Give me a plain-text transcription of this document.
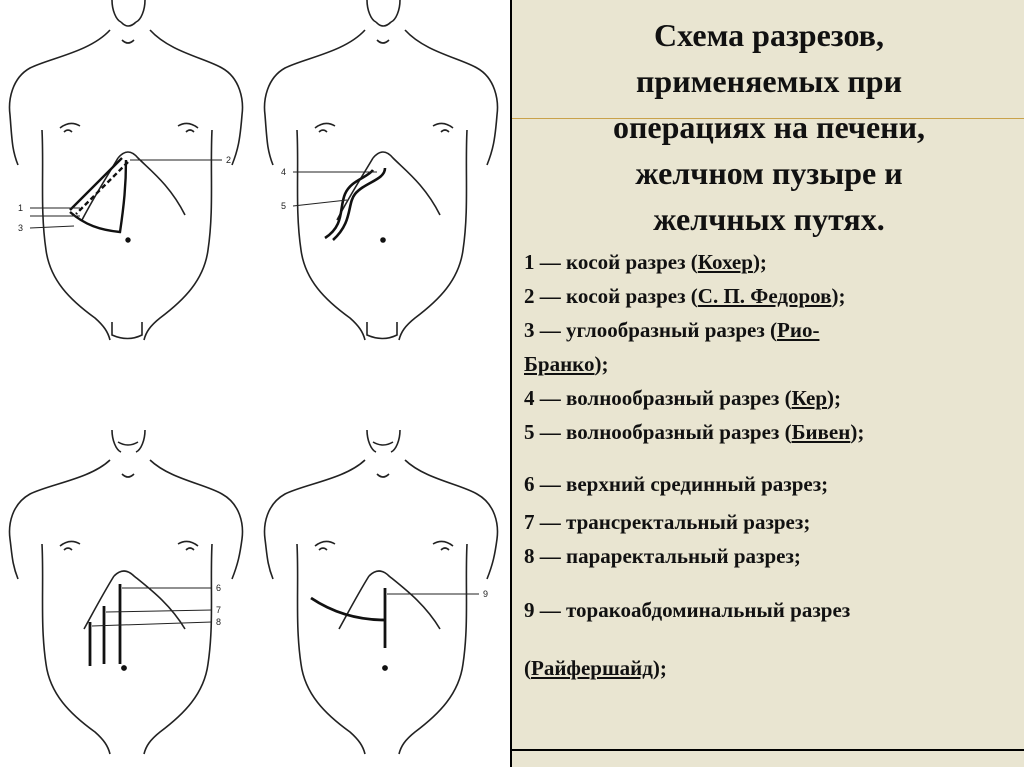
2
1
3
4
5
6
7
8
9
Схема разрезов,
применяемых при
операциях на печени,
желчном пузыре и
желчных путях.
1 — косой разрез (Кохер);
2 — косой разрез (С. П. Федоров);
3 — углообразный разрез (Рио-
Бранко);
4 — волнообразный разрез (Кер);
5 — волнообразный разрез (Бивен);
6 — верхний срединный разрез;
7 — трансректальный разрез;
8 — параректальный разрез;
9 — торакоабдоминальный разрез
(Райфершайд);
